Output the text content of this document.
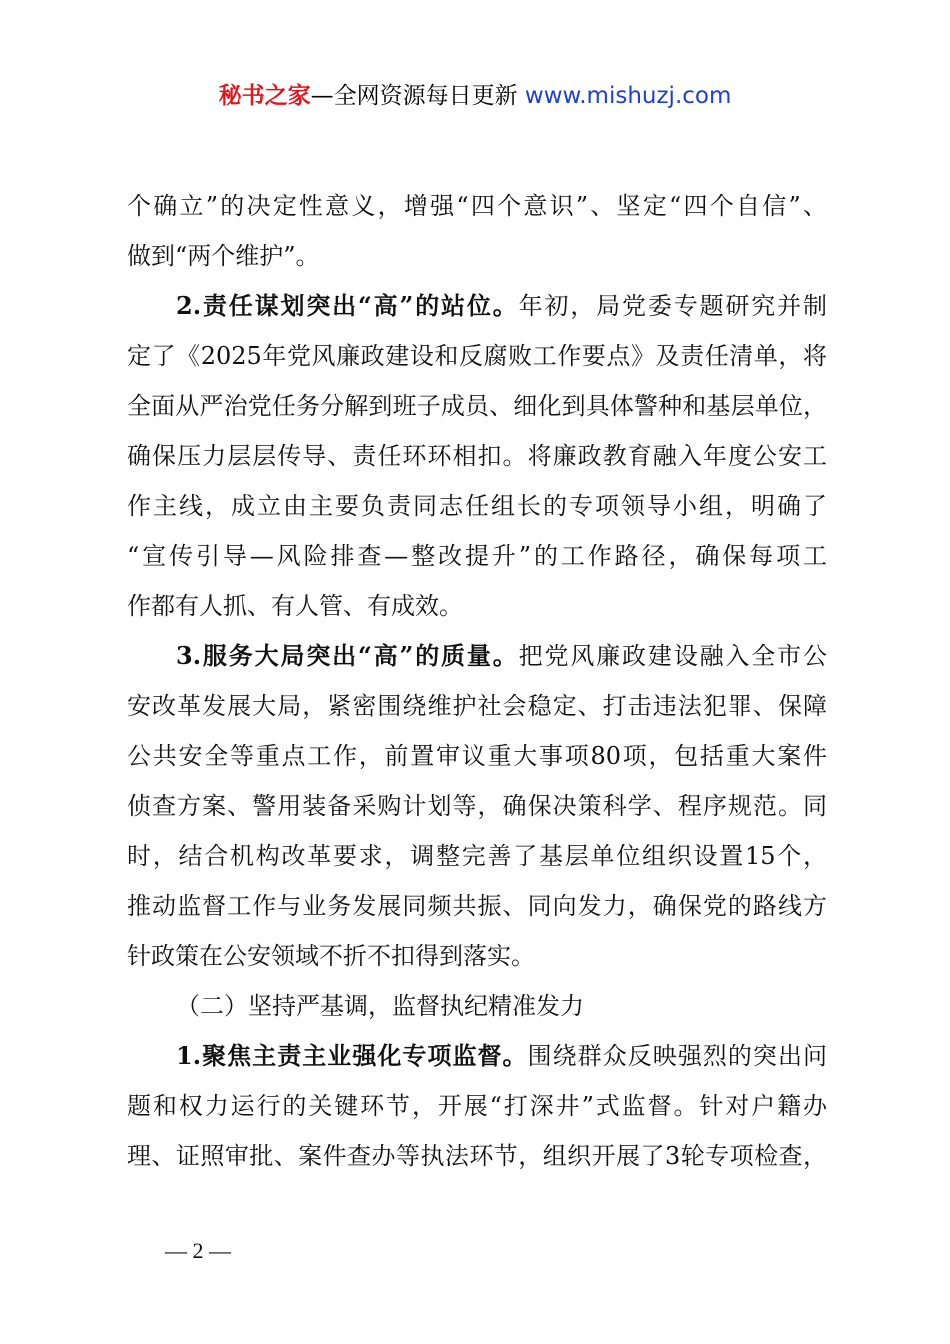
秘书之家—全网资源每日更新 www.mishuzj.com
个确立”的决定性意义，增强“四个意识”、坚定“四个自信”、
做到“两个维护”。
2.责任谋划突出“高”的站位。年初，局党委专题研究并制
定了《2025年党风廉政建设和反腐败工作要点》及责任清单，将
全面从严治党任务分解到班子成员、细化到具体警种和基层单位，
确保压力层层传导、责任环环相扣。将廉政教育融入年度公安工
作主线，成立由主要负责同志任组长的专项领导小组，明确了
“宣传引导—风险排查—整改提升”的工作路径，确保每项工
作都有人抓、有人管、有成效。
3.服务大局突出“高”的质量。把党风廉政建设融入全市公
安改革发展大局，紧密围绕维护社会稳定、打击违法犯罪、保障
公共安全等重点工作，前置审议重大事项80项，包括重大案件
侦查方案、警用装备采购计划等，确保决策科学、程序规范。同
时，结合机构改革要求，调整完善了基层单位组织设置15个，
推动监督工作与业务发展同频共振、同向发力，确保党的路线方
针政策在公安领域不折不扣得到落实。
（二）坚持严基调，监督执纪精准发力
1.聚焦主责主业强化专项监督。围绕群众反映强烈的突出问
题和权力运行的关键环节，开展“打深井”式监督。针对户籍办
理、证照审批、案件查办等执法环节，组织开展了3轮专项检查，
— 2 —
